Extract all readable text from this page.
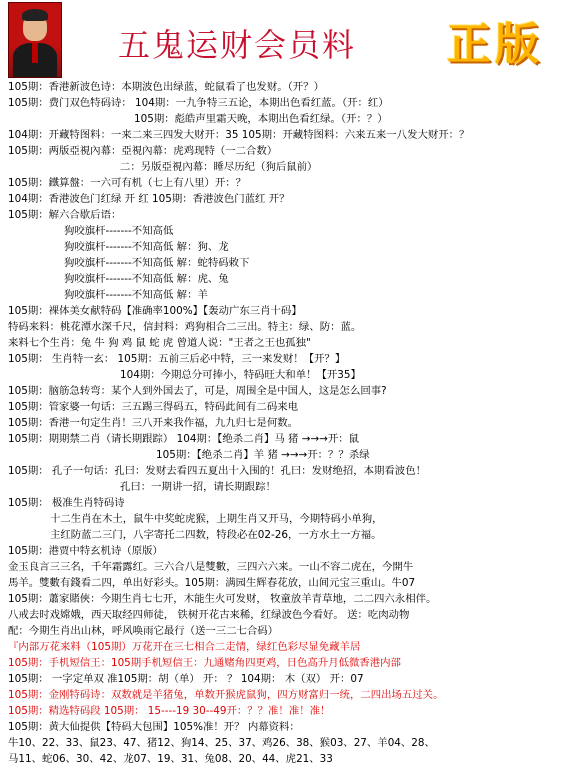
五鬼运财会员料 正版
105期：香港新波色诗：本期波色出绿蓝，蛇鼠看了也发财。（开？）
105期：费门双色特码诗： 104期：一九争特三五论，本期出色看红蓝。（开：红）
105期：彪皓声里霜天晚，本期出色看红绿。（开：？）
104期：开藏特图料：一来二来三四发大财开：35 105期：开藏特图料：六来五来一八发大财开：？
105期：两版亞視內幕：亞視內幕：虎鸡现特（一二合数）
二：另版亞視內幕：睡尽历纪（狗后鼠前）
105期：鐵算盤：一六可有机（七上有八里）开：？
104期：香港波色门红绿 开 红 105期：香港波色门蓝红 开？
105期：解六合歇后语：
狗咬旗杆-------不知高低
狗咬旗杆-------不知高低 解：狗、龙
狗咬旗杆-------不知高低 解：蛇特码敕下
狗咬旗杆-------不知高低 解：虎、兔
狗咬旗杆-------不知高低 解：羊
105期：裸体美女献特码【准确率100%】【轰动广东三肖十码】
特码来料：桃花潭水深千尺，信封料：鸡狗相合二三出。特主：绿、防：蓝。
来料七个生肖：兔 牛 狗 鸡 鼠 蛇 虎 曾道人说："王者之王也孤独"
105期： 生肖特一玄： 105期：五前三后必中特，三一来发财！【开？】
104期：今期总分可捧小，特码旺大和单！【开35】
105期：脑筋急转弯：某个人到外国去了，可是，周围全是中国人，这是怎么回事?
105期：管家婆一句话：三五踢三得码五，特码此间有二码来电
105期：香港一句定生肖！三八开来我作福，九九归七是何数。
105期：期期禁二肖（请长期跟踪） 104期：【绝杀二肖】马 猪 →→→开：鼠
105期：【绝杀二肖】羊 猪 →→→开：？？杀绿
105期： 孔子一句话：孔曰：发财去看四五夏出十入围的！孔曰：发财绝招，本期看波色！
孔曰：一期讲一招，请长期跟踪！
105期： 极准生肖特码诗
十二生肖在木土，鼠牛中奖蛇虎猴，上期生肖又开马，今期特码小单狗，
主红防蓝二三门，八字寄托二四数，特段必在02-26，一方水土一方福。
105期：港贾中特玄机诗（原版）
金玉良言三三名，千年霜露红。三六合八是雙數，三四六六来。一山不容二虎在，今開牛
馬羊。雙數有錢看二四，单出好彩头。105期：满园生辉春花放，山间元宝三重山。牛07
105期：蕭家賭俠：今期生肖七七开，木能生火可发财， 牧童放羊青草地，二二四六永相伴。
八戒去时戏嫦娥，西天取经四师徒， 铁树开花古来稀，红绿波色今看好。 送：吃肉动物
配：今期生肖出山林，呼风唤雨它最行（送一三二七合码）
『内部万花来料（105期）万花开在三七相合二走情，绿红色彩尽显免藏羊居
105期：手机短信王：105期手机短信王：九通赌角四更鸡，日色高升月低微香港内部
105期： 一字定单双 准105期：胡（单） 开： ？ 104期： 木（双） 开：07
105期：金刚特码诗：双数就是羊猪兔，单数开猴虎鼠狗，四方财富归一统，二四出场五过关。
105期：精选特码段 105期： 15----19 30--49开：？？准！准！准！
105期：黄大仙提供【特码大包围】105%准！开？ 内幕资料：
牛10、22、33、鼠23、47、猪12、狗14、25、37、鸡26、38、猴03、27、羊04、28、
马11、蛇06、30、42、龙07、19、31、兔08、20、44、虎21、33
